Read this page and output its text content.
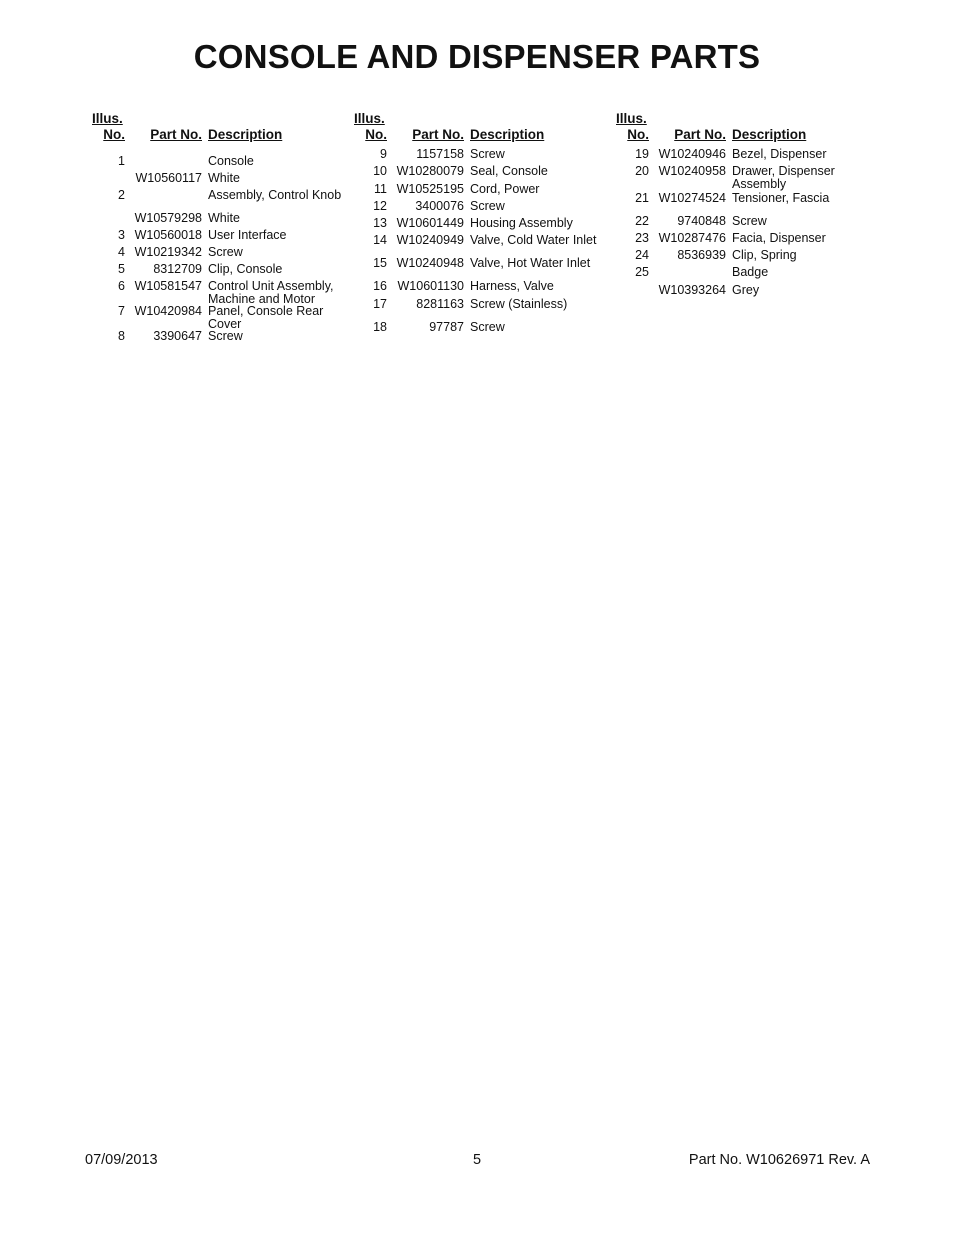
CONSOLE AND DISPENSER PARTS
Illus.
No.	Part No. Description
1	Console
W10560117 White
2	Assembly, Control Knob
W10579298 White
3 W10560018 User Interface
4 W10219342 Screw
5	8312709 Clip, Console
6 W10581547 Control Unit Assembly, Machine and Motor
7 W10420984 Panel, Console Rear Cover
8	3390647 Screw
Illus.
No.	Part No. Description
9	1157158 Screw
10 W10280079 Seal, Console
11 W10525195 Cord, Power
12	3400076 Screw
13 W10601449 Housing Assembly
14 W10240949 Valve, Cold Water Inlet
15 W10240948 Valve, Hot Water Inlet
16 W10601130 Harness, Valve
17	8281163 Screw (Stainless)
18	97787 Screw
Illus.
No.	Part No. Description
19 W10240946 Bezel, Dispenser
20 W10240958 Drawer, Dispenser Assembly
21 W10274524 Tensioner, Fascia
22	9740848 Screw
23 W10287476 Facia, Dispenser
24	8536939 Clip, Spring
25	Badge
W10393264 Grey
07/09/2013	5	Part No. W10626971 Rev. A
